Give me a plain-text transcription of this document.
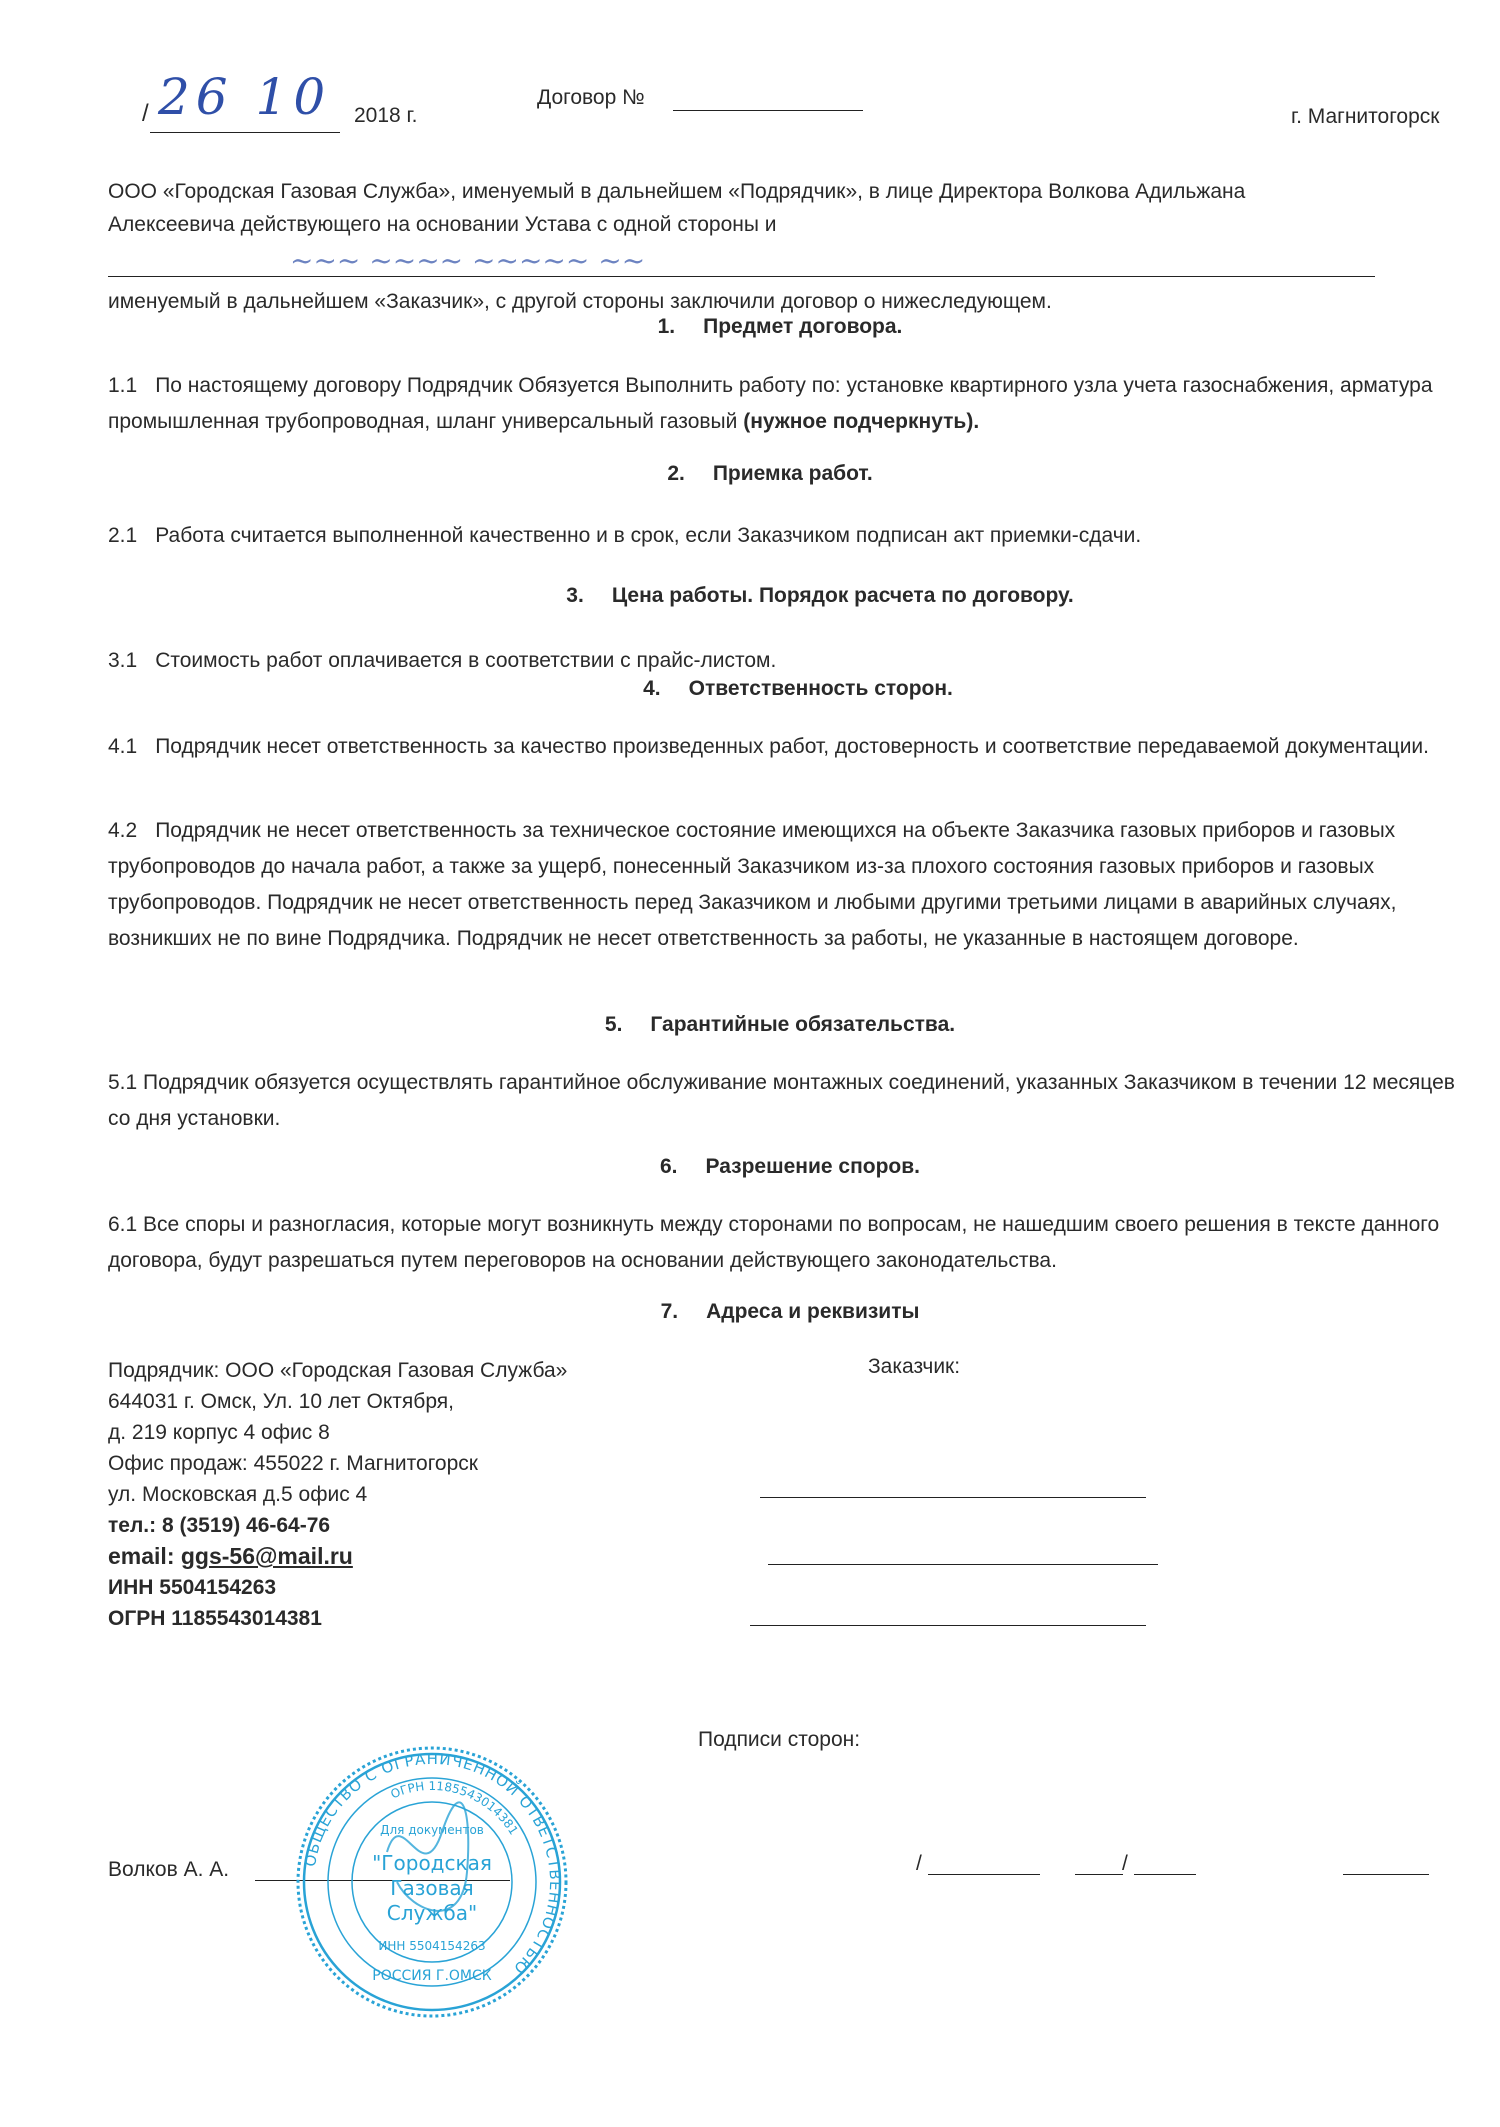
/ 26 10 2018 г.
Договор №
г. Магнитогорск
ООО «Городская Газовая Служба», именуемый в дальнейшем «Подрядчик», в лице Директора Волкова Адильжана
Алексеевича действующего на основании Устава с одной стороны и
~~~ ~~~~ ~~~~~ ~~
именуемый в дальнейшем «Заказчик», с другой стороны заключили договор о нижеследующем.
1. Предмет договора.
1.1 По настоящему договору Подрядчик Обязуется Выполнить работу по: установке квартирного узла учета газоснабжения, арматура промышленная трубопроводная, шланг универсальный газовый (нужное подчеркнуть).
2. Приемка работ.
2.1 Работа считается выполненной качественно и в срок, если Заказчиком подписан акт приемки-сдачи.
3. Цена работы. Порядок расчета по договору.
3.1 Стоимость работ оплачивается в соответствии с прайс-листом.
4. Ответственность сторон.
4.1 Подрядчик несет ответственность за качество произведенных работ, достоверность и соответствие передаваемой документации.
4.2 Подрядчик не несет ответственность за техническое состояние имеющихся на объекте Заказчика газовых приборов и газовых трубопроводов до начала работ, а также за ущерб, понесенный Заказчиком из-за плохого состояния газовых приборов и газовых трубопроводов. Подрядчик не несет ответственность перед Заказчиком и любыми другими третьими лицами в аварийных случаях, возникших не по вине Подрядчика. Подрядчик не несет ответственность за работы, не указанные в настоящем договоре.
5. Гарантийные обязательства.
5.1 Подрядчик обязуется осуществлять гарантийное обслуживание монтажных соединений, указанных Заказчиком в течении 12 месяцев со дня установки.
6. Разрешение споров.
6.1 Все споры и разногласия, которые могут возникнуть между сторонами по вопросам, не нашедшим своего решения в тексте данного договора, будут разрешаться путем переговоров на основании действующего законодательства.
7. Адреса и реквизиты
Подрядчик: ООО «Городская Газовая Служба»
644031 г. Омск, Ул. 10 лет Октября,
д. 219 корпус 4 офис 8
Офис продаж: 455022 г. Магнитогорск
ул. Московская д.5 офис 4
тел.: 8 (3519) 46-64-76
email: ggs-56@mail.ru
ИНН 5504154263
ОГРН 1185543014381
Заказчик:
Подписи сторон:
Волков А. А.	/	/
ОБЩЕСТВО С ОГРАНИЧЕННОЙ ОТВЕТСТВЕННОСТЬЮ
ОГРН 1185543014381
Для документов
"Городская
Газовая
Служба"
ИНН 5504154263
РОССИЯ Г.ОМСК
